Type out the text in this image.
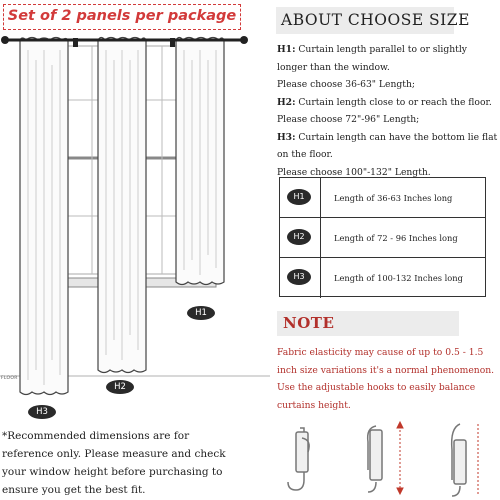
Set of 2 panels per package
FLOOR
H1
H2
H3
*Recommended dimensions are for reference only. Please measure and check your window height before purchasing to ensure you get the best fit.
ABOUT CHOOSE SIZE
H1: Curtain length parallel to or slightly longer than the window.
Please choose 36-63" Length;
H2: Curtain length close to or reach the floor.
Please choose 72"-96" Length;
H3: Curtain length can have the bottom lie flat on the floor.
Please choose 100"-132" Length.
H1	Length of 36-63 Inches long
H2	Length of 72 - 96 Inches long
H3	Length of 100-132 Inches long
NOTE
Fabric elasticity may cause of up to 0.5 - 1.5 inch size variations it's a normal phenomenon. Use the adjustable hooks to easily balance curtains height.
